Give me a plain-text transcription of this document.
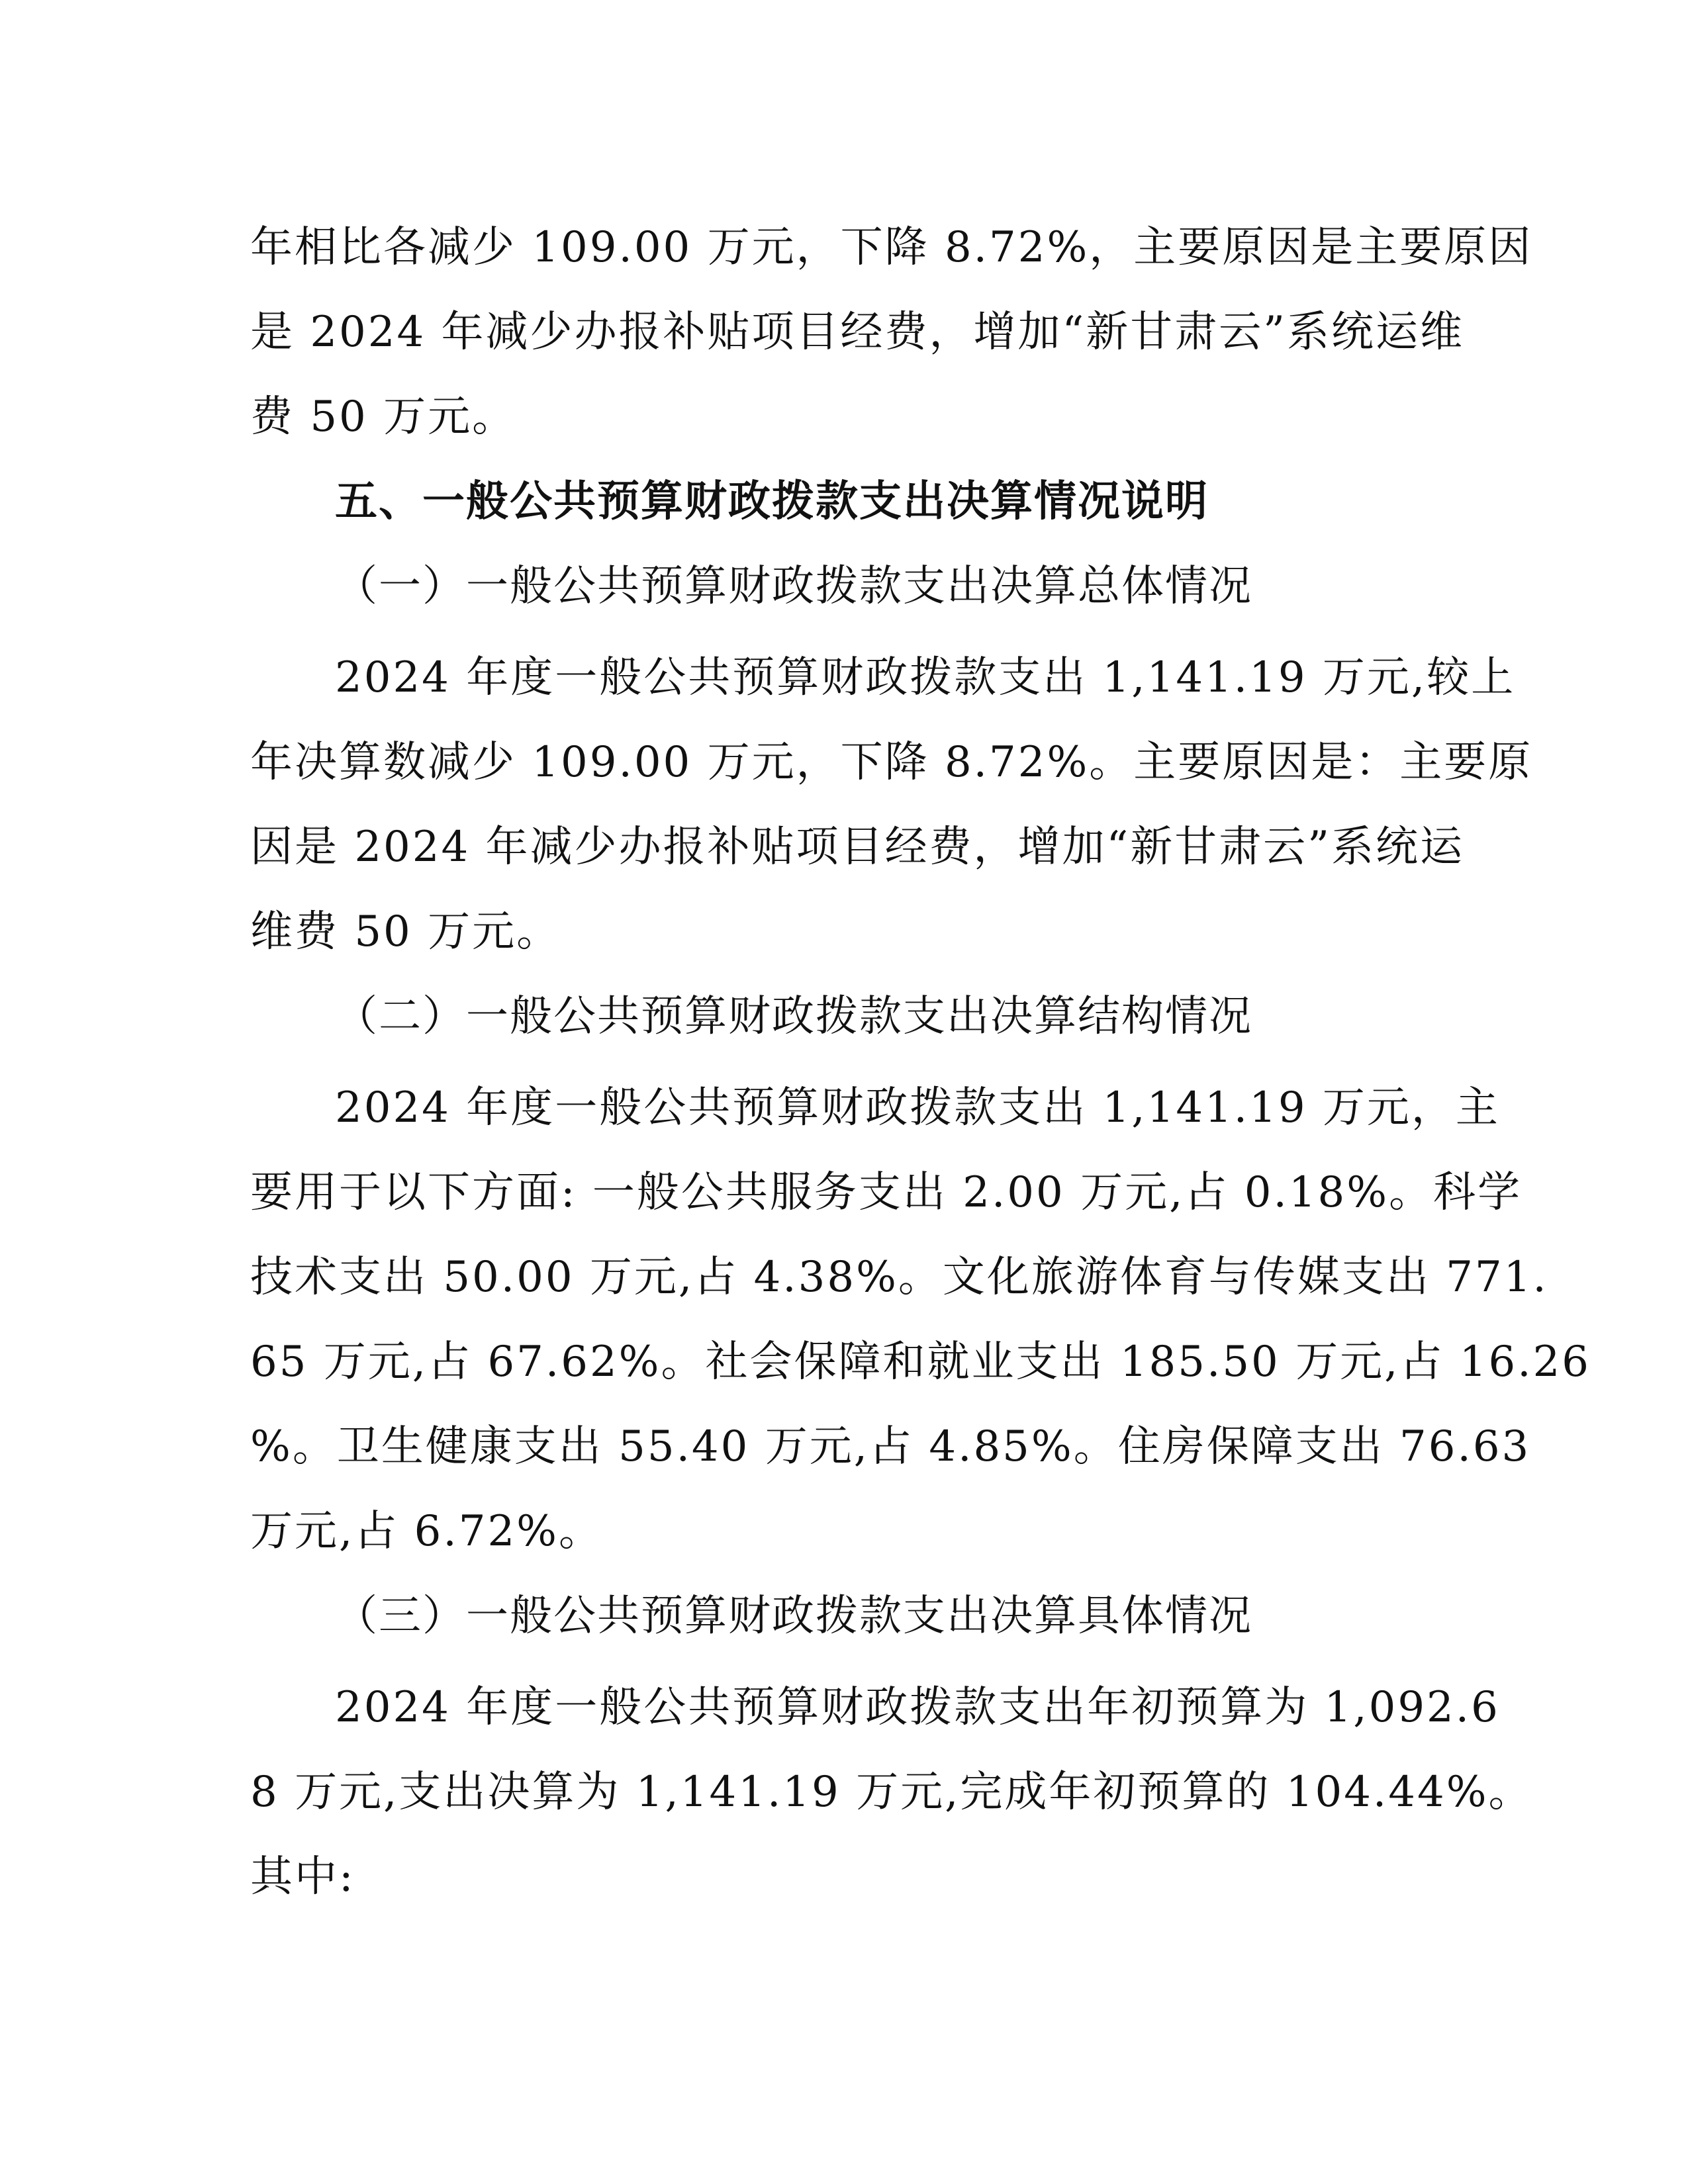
年相比各减少 109.00 万元，下降 8.72%，主要原因是主要原因
是 2024 年减少办报补贴项目经费，增加“新甘肃云”系统运维
费 50 万元。
五、一般公共预算财政拨款支出决算情况说明
（一）一般公共预算财政拨款支出决算总体情况
2024 年度一般公共预算财政拨款支出 1,141.19 万元,较上
年决算数减少 109.00 万元，下降 8.72%。主要原因是：主要原
因是 2024 年减少办报补贴项目经费，增加“新甘肃云”系统运
维费 50 万元。
（二）一般公共预算财政拨款支出决算结构情况
2024 年度一般公共预算财政拨款支出 1,141.19 万元，主
要用于以下方面: 一般公共服务支出 2.00 万元,占 0.18%。科学
技术支出 50.00 万元,占 4.38%。文化旅游体育与传媒支出 771.
65 万元,占 67.62%。社会保障和就业支出 185.50 万元,占 16.26
%。卫生健康支出 55.40 万元,占 4.85%。住房保障支出 76.63
万元,占 6.72%。
（三）一般公共预算财政拨款支出决算具体情况
2024 年度一般公共预算财政拨款支出年初预算为 1,092.6
8 万元,支出决算为 1,141.19 万元,完成年初预算的 104.44%。
其中:
